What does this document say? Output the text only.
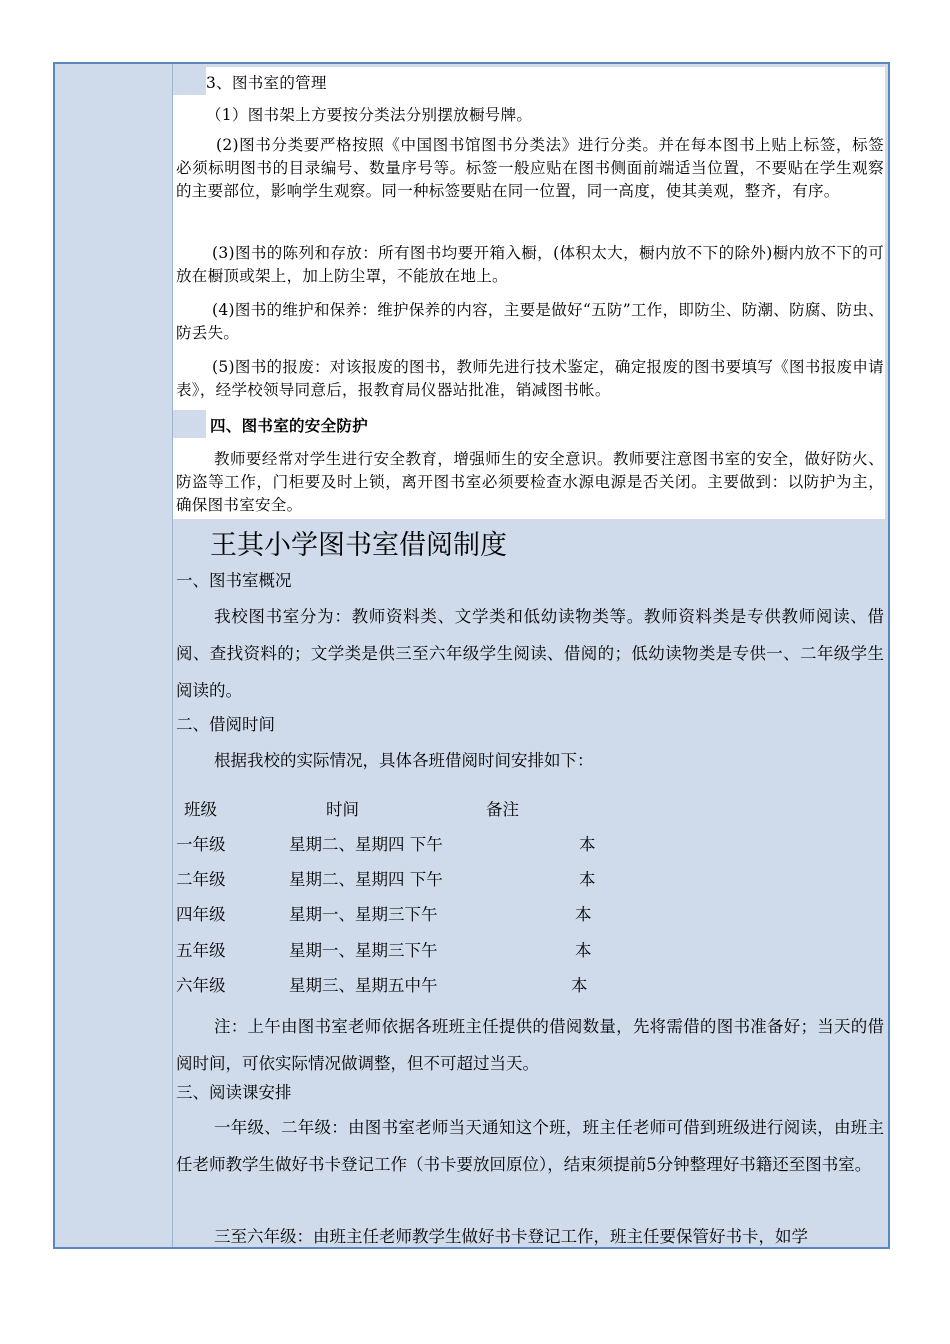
3、图书室的管理

（1）图书架上方要按分类法分别摆放橱号牌。

(2)图书分类要严格按照《中国图书馆图书分类法》进行分类。并在每本图书上贴上标签，标签必须标明图书的目录编号、数量序号等。标签一般应贴在图书侧面前端适当位置，不要贴在学生观察的主要部位，影响学生观察。同一种标签要贴在同一位置，同一高度，使其美观，整齐，有序。

(3)图书的陈列和存放：所有图书均要开箱入橱，(体积太大，橱内放不下的除外)橱内放不下的可放在橱顶或架上，加上防尘罩，不能放在地上。

(4)图书的维护和保养：维护保养的内容，主要是做好“五防”工作，即防尘、防潮、防腐、防虫、防丢失。

(5)图书的报废：对该报废的图书，教师先进行技术鉴定，确定报废的图书要填写《图书报废申请表》，经学校领导同意后，报教育局仪器站批准，销减图书帐。

四、图书室的安全防护

教师要经常对学生进行安全教育，增强师生的安全意识。教师要注意图书室的安全，做好防火、防盗等工作，门柜要及时上锁，离开图书室必须要检查水源电源是否关闭。主要做到：以防护为主，确保图书室安全。

王其小学图书室借阅制度

一、图书室概况

我校图书室分为：教师资料类、文学类和低幼读物类等。教师资料类是专供教师阅读、借阅、查找资料的；文学类是供三至六年级学生阅读、借阅的；低幼读物类是专供一、二年级学生阅读的。

二、借阅时间

根据我校的实际情况，具体各班借阅时间安排如下：

班级	时间	备注
一年级	星期二、星期四 下午	本
二年级	星期二、星期四 下午	本
四年级	星期一、星期三下午	本
五年级	星期一、星期三下午	本
六年级	星期三、星期五中午	本

注：上午由图书室老师依据各班班主任提供的借阅数量，先将需借的图书准备好；当天的借阅时间，可依实际情况做调整，但不可超过当天。

三、阅读课安排

一年级、二年级：由图书室老师当天通知这个班，班主任老师可借到班级进行阅读，由班主任老师教学生做好书卡登记工作（书卡要放回原位），结束须提前5分钟整理好书籍还至图书室。

三至六年级：由班主任老师教学生做好书卡登记工作，班主任要保管好书卡，如学
